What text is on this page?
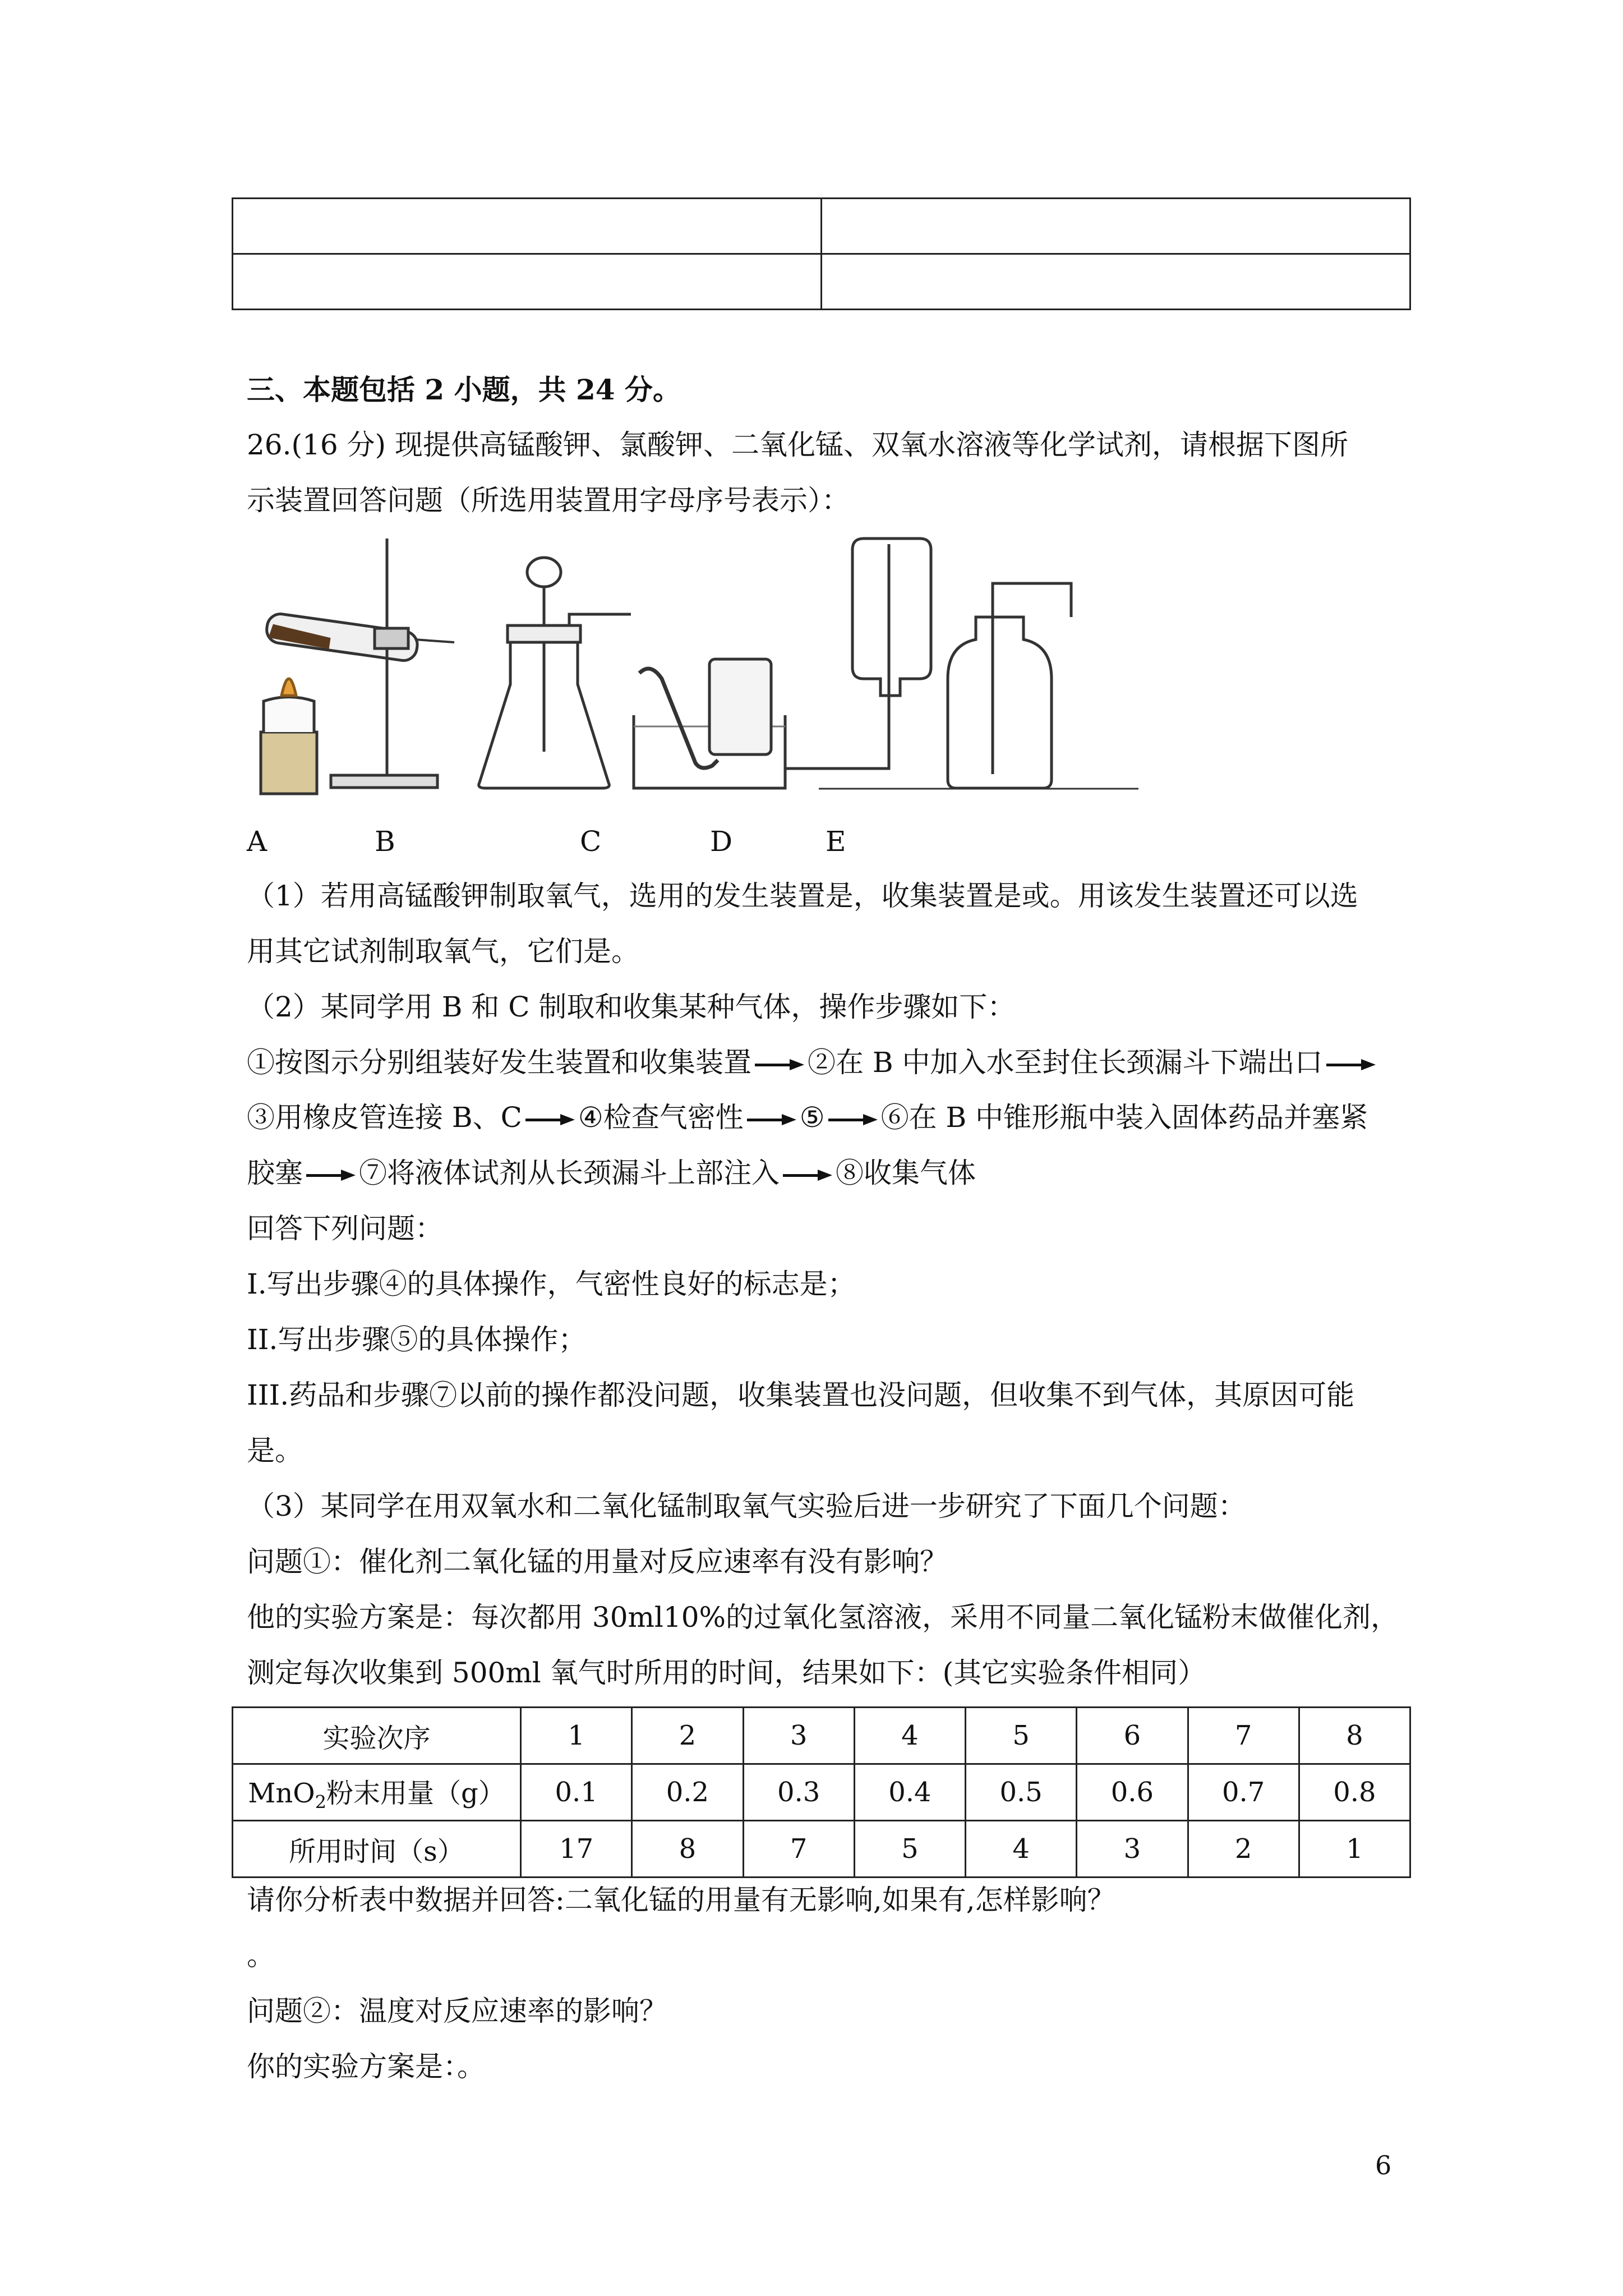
三、本题包括 2 小题，共 24 分。
26.(16 分) 现提供高锰酸钾、氯酸钾、二氧化锰、双氧水溶液等化学试剂，请根据下图所
示装置回答问题（所选用装置用字母序号表示）：
A	B	C	D	E
（1）若用高锰酸钾制取氧气，选用的发生装置是，收集装置是或。用该发生装置还可以选
用其它试剂制取氧气，它们是。
（2）某同学用 B 和 C 制取和收集某种气体，操作步骤如下：
①按图示分别组装好发生装置和收集装置 ②在 B 中加入水至封住长颈漏斗下端出口
③用橡皮管连接 B、C ④检查气密性 ⑤ ⑥在 B 中锥形瓶中装入固体药品并塞紧
胶塞 ⑦将液体试剂从长颈漏斗上部注入 ⑧收集气体
回答下列问题：
I.写出步骤④的具体操作，气密性良好的标志是；
II.写出步骤⑤的具体操作；
III.药品和步骤⑦以前的操作都没问题，收集装置也没问题，但收集不到气体，其原因可能
是。
（3）某同学在用双氧水和二氧化锰制取氧气实验后进一步研究了下面几个问题：
问题①：催化剂二氧化锰的用量对反应速率有没有影响？
他的实验方案是：每次都用 30ml10%的过氧化氢溶液，采用不同量二氧化锰粉末做催化剂，
测定每次收集到 500ml 氧气时所用的时间，结果如下：(其它实验条件相同）
实验次序	1	2	3	4	5	6	7	8
MnO$_2$粉末用量（g）	0.1	0.2	0.3	0.4	0.5	0.6	0.7	0.8
所用时间（s）	17	8	7	5	4	3	2	1
请你分析表中数据并回答:二氧化锰的用量有无影响,如果有,怎样影响？
。
问题②：温度对反应速率的影响？
你的实验方案是：。
6
